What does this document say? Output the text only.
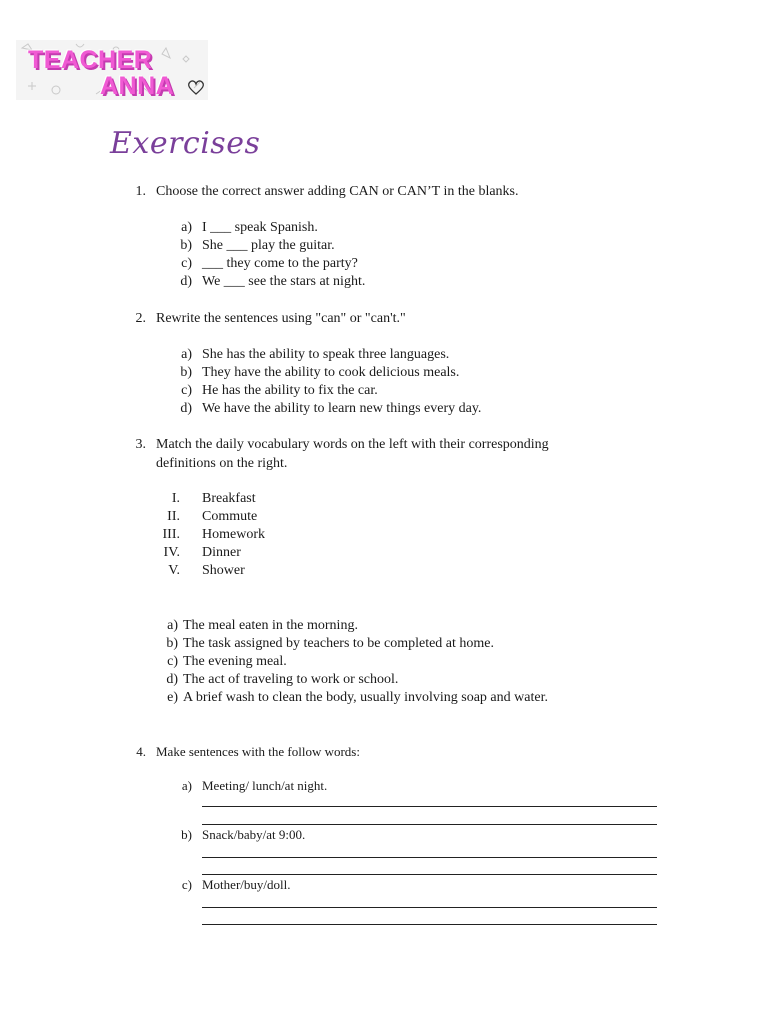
TEACHER
ANNA
Exercises
1. Choose the correct answer adding CAN or CAN’T in the blanks.
a) I ___ speak Spanish.
b) She ___ play the guitar.
c) ___ they come to the party?
d) We ___ see the stars at night.
2. Rewrite the sentences using "can" or "can't."
a) She has the ability to speak three languages.
b) They have the ability to cook delicious meals.
c) He has the ability to fix the car.
d) We have the ability to learn new things every day.
3. Match the daily vocabulary words on the left with their corresponding
definitions on the right.
I. Breakfast
II. Commute
III. Homework
IV. Dinner
V. Shower
a) The meal eaten in the morning.
b) The task assigned by teachers to be completed at home.
c) The evening meal.
d) The act of traveling to work or school.
e) A brief wash to clean the body, usually involving soap and water.
4. Make sentences with the follow words:
a) Meeting/ lunch/at night.
b) Snack/baby/at 9:00.
c) Mother/buy/doll.
